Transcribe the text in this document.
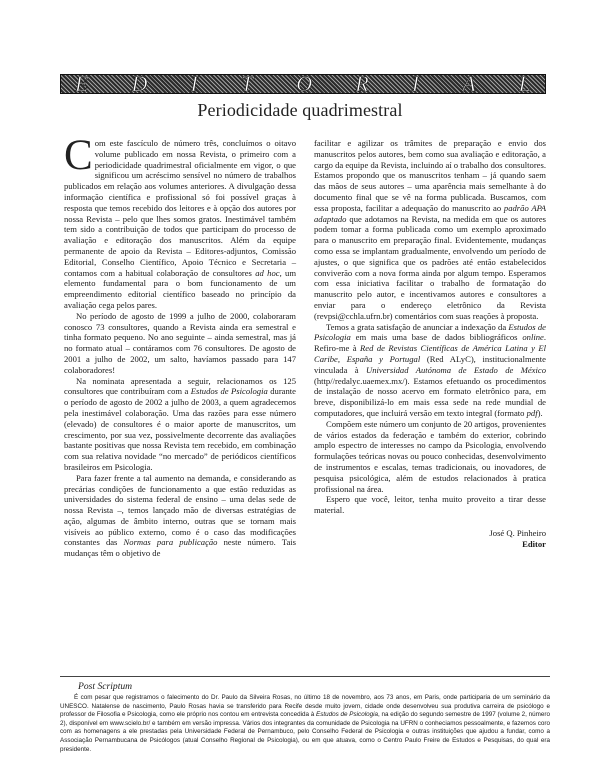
E D I T O R I A L
Periodicidade quadrimestral

Com este fascículo de número três, concluímos o oitavo volume publicado em nossa Revista, o primeiro com a periodicidade quadrimestral oficialmente em vigor, o que significou um acréscimo sensível no número de trabalhos publicados em relação aos volumes anteriores. A divulgação dessa informação científica e profissional só foi possível graças à resposta que temos recebido dos leitores e à opção dos autores por nossa Revista – pelo que lhes somos gratos. Inestimável também tem sido a contribuição de todos que participam do processo de avaliação e editoração dos manuscritos. Além da equipe permanente de apoio da Revista – Editores-adjuntos, Comissão Editorial, Conselho Científico, Apoio Técnico e Secretaria – contamos com a habitual colaboração de consultores ad hoc, um elemento fundamental para o bom funcionamento de um empreendimento editorial científico baseado no princípio da avaliação cega pelos pares.

No período de agosto de 1999 a julho de 2000, colaboraram conosco 73 consultores, quando a Revista ainda era semestral e tinha formato pequeno. No ano seguinte – ainda semestral, mas já no formato atual – contáramos com 76 consultores. De agosto de 2001 a julho de 2002, um salto, havíamos passado para 147 colaboradores!

Na nominata apresentada a seguir, relacionamos os 125 consultores que contribuíram com a Estudos de Psicologia durante o período de agosto de 2002 a julho de 2003, a quem agradecemos pela inestimável colaboração. Uma das razões para esse número (elevado) de consultores é o maior aporte de manuscritos, um crescimento, por sua vez, possivelmente decorrente das avaliações bastante positivas que nossa Revista tem recebido, em combinação com sua relativa novidade “no mercado” de periódicos científicos brasileiros em Psicologia.

Para fazer frente a tal aumento na demanda, e considerando as precárias condições de funcionamento a que estão reduzidas as universidades do sistema federal de ensino – uma delas sede de nossa Revista –, temos lançado mão de diversas estratégias de ação, algumas de âmbito interno, outras que se tornam mais visíveis ao público externo, como é o caso das modificações constantes das Normas para publicação neste número. Tais mudanças têm o objetivo de

facilitar e agilizar os trâmites de preparação e envio dos manuscritos pelos autores, bem como sua avaliação e editoração, a cargo da equipe da Revista, incluindo aí o trabalho dos consultores. Estamos propondo que os manuscritos tenham – já quando saem das mãos de seus autores – uma aparência mais semelhante à do documento final que se vê na forma publicada. Buscamos, com essa proposta, facilitar a adequação do manuscrito ao padrão APA adaptado que adotamos na Revista, na medida em que os autores podem tomar a forma publicada como um exemplo aproximado para o manuscrito em preparação final. Evidentemente, mudanças como essa se implantam gradualmente, envolvendo um período de ajustes, o que significa que os padrões até então estabelecidos conviverão com a nova forma ainda por algum tempo. Esperamos com essa iniciativa facilitar o trabalho de formatação do manuscrito pelo autor, e incentivamos autores e consultores a enviar para o endereço eletrônico da Revista (revpsi@cchla.ufrn.br) comentários com suas reações à proposta.

Temos a grata satisfação de anunciar a indexação da Estudos de Psicologia em mais uma base de dados bibliográficos online. Refiro-me à Red de Revistas Científicas de América Latina y El Caribe, España y Portugal (Red ALyC), institucionalmente vinculada à Universidad Autónoma de Estado de México (http//redalyc.uaemex.mx/). Estamos efetuando os procedimentos de instalação de nosso acervo em formato eletrônico para, em breve, disponibilizá-lo em mais essa sede na rede mundial de computadores, que incluirá versão em texto integral (formato pdf).

Compõem este número um conjunto de 20 artigos, provenientes de vários estados da federação e também do exterior, cobrindo amplo espectro de interesses no campo da Psicologia, envolvendo formulações teóricas novas ou pouco conhecidas, desenvolvimento de instrumentos e escalas, temas tradicionais, ou inovadores, de pesquisa psicológica, além de estudos relacionados à pratica profissional na área.

Espero que você, leitor, tenha muito proveito a tirar desse material.

José Q. Pinheiro
Editor
Post Scriptum

É com pesar que registramos o falecimento do Dr. Paulo da Silveira Rosas, no último 18 de novembro, aos 73 anos, em Paris, onde participaria de um seminário da UNESCO. Natalense de nascimento, Paulo Rosas havia se transferido para Recife desde muito jovem, cidade onde desenvolveu sua produtiva carreira de psicólogo e professor de Filosofia e Psicologia, como ele próprio nos contou em entrevista concedida à Estudos de Psicologia, na edição do segundo semestre de 1997 (volume 2, número 2), disponível em www.scielo.br/ e também em versão impressa. Vários dos integrantes da comunidade de Psicologia na UFRN o conheciamos pessoalmente, e fazemos coro com as homenagens a ele prestadas pela Universidade Federal de Pernambuco, pelo Conselho Federal de Psicologia e outras instituições que ajudou a fundar, como a Associação Pernambucana de Psicólogos (atual Conselho Regional de Psicologia), ou em que atuava, como o Centro Paulo Freire de Estudos e Pesquisas, do qual era presidente.
